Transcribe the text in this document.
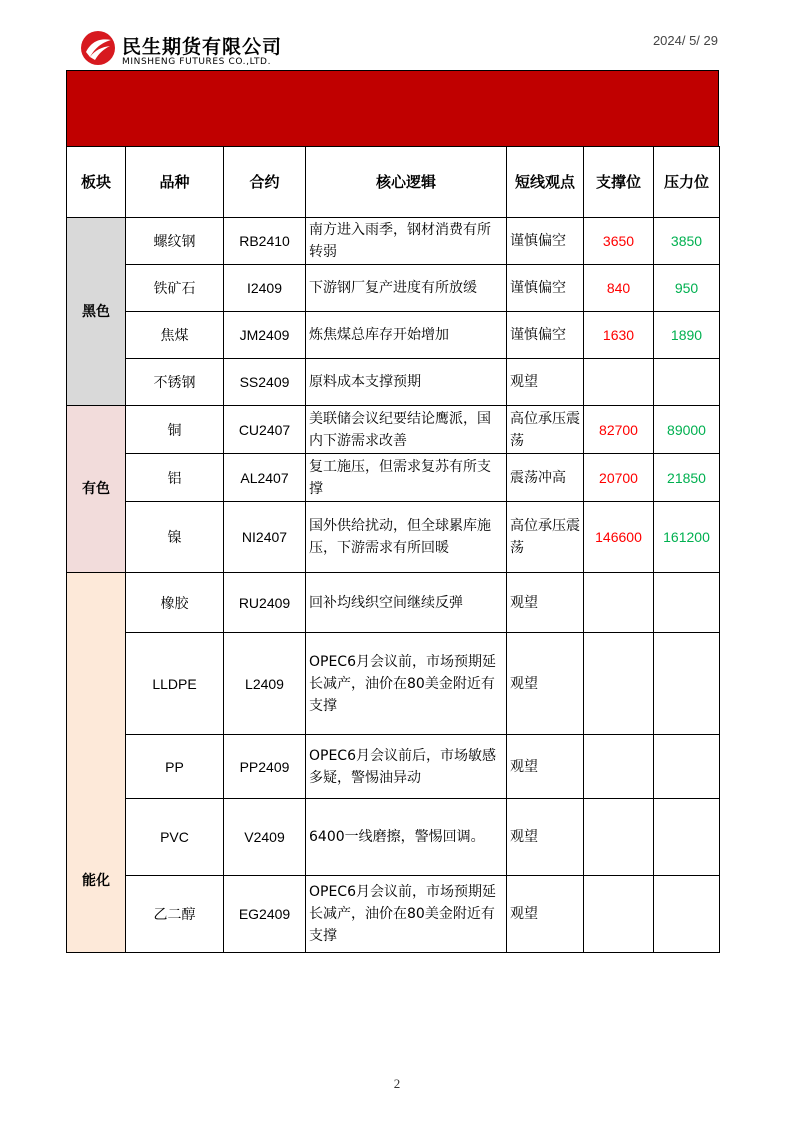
民生期货有限公司
MINSHENG FUTURES CO.,LTD.
2024/ 5/ 29
板块	品种	合约	核心逻辑	短线观点	支撑位	压力位
黑色	螺纹钢	RB2410	南方进入雨季，钢材消费有所转弱	谨慎偏空	3650	3850
	铁矿石	I2409	下游钢厂复产进度有所放缓	谨慎偏空	840	950
	焦煤	JM2409	炼焦煤总库存开始增加	谨慎偏空	1630	1890
	不锈钢	SS2409	原料成本支撑预期	观望		
有色	铜	CU2407	美联储会议纪要结论鹰派，国内下游需求改善	高位承压震荡	82700	89000
	铝	AL2407	复工施压，但需求复苏有所支撑	震荡冲高	20700	21850
	镍	NI2407	国外供给扰动，但全球累库施压，下游需求有所回暖	高位承压震荡	146600	161200
能化	橡胶	RU2409	回补均线织空间继续反弹	观望		
	LLDPE	L2409	OPEC6月会议前，市场预期延长减产，油价在80美金附近有支撑	观望		
	PP	PP2409	OPEC6月会议前后，市场敏感多疑，警惕油异动	观望		
	PVC	V2409	6400一线磨擦，警惕回调。	观望		
	乙二醇	EG2409	OPEC6月会议前，市场预期延长减产，油价在80美金附近有支撑	观望		
2
